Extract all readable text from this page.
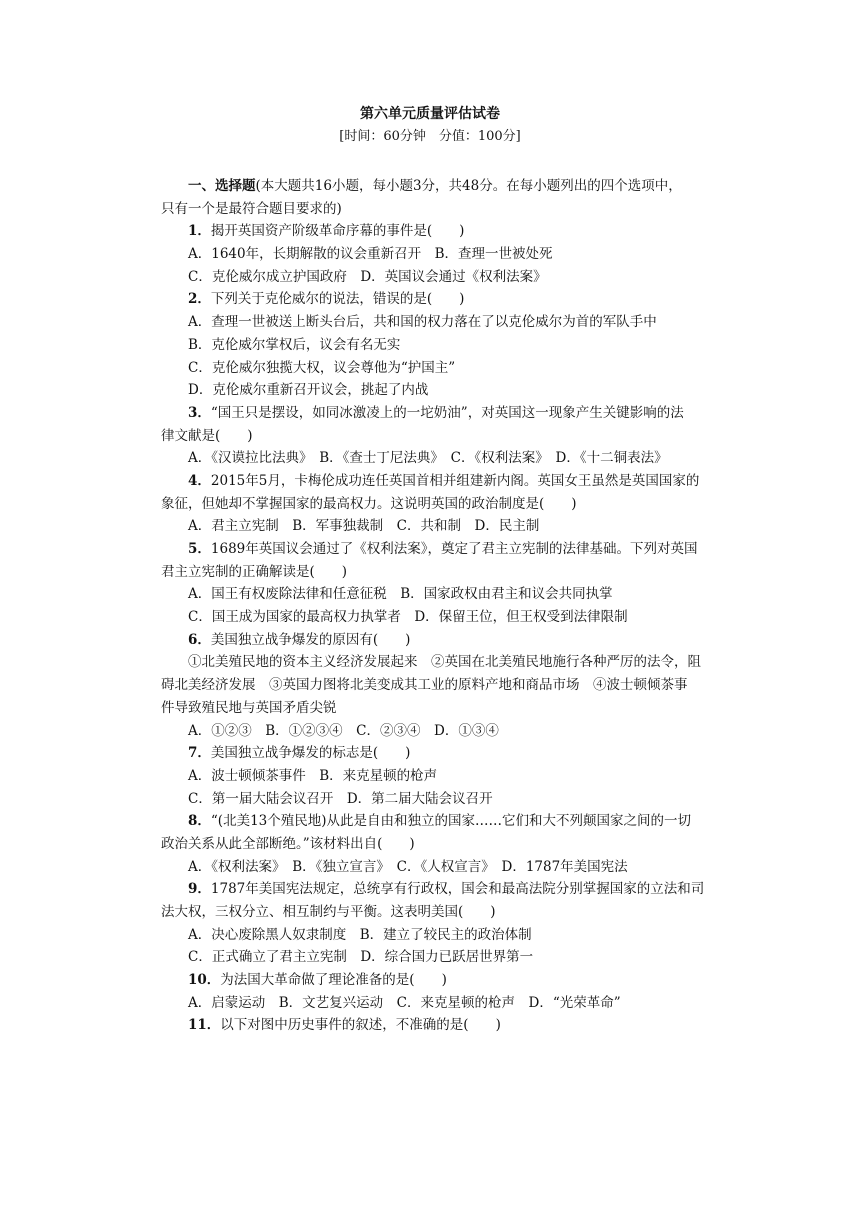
第六单元质量评估试卷
[时间：60分钟　分值：100分]
一、选择题(本大题共16小题，每小题3分，共48分。在每小题列出的四个选项中，
只有一个是最符合题目要求的)
1．揭开英国资产阶级革命序幕的事件是(　　)
A．1640年，长期解散的议会重新召开　B．查理一世被处死
C．克伦威尔成立护国政府　D．英国议会通过《权利法案》
2．下列关于克伦威尔的说法，错误的是(　　)
A．查理一世被送上断头台后，共和国的权力落在了以克伦威尔为首的军队手中
B．克伦威尔掌权后，议会有名无实
C．克伦威尔独揽大权，议会尊他为“护国主”
D．克伦威尔重新召开议会，挑起了内战
3．“国王只是摆设，如同冰激凌上的一坨奶油”，对英国这一现象产生关键影响的法
律文献是(　　)
A．《汉谟拉比法典》　B．《查士丁尼法典》　C．《权利法案》　D．《十二铜表法》
4．2015年5月，卡梅伦成功连任英国首相并组建新内阁。英国女王虽然是英国国家的
象征，但她却不掌握国家的最高权力。这说明英国的政治制度是(　　)
A．君主立宪制　B．军事独裁制　C．共和制　D．民主制
5．1689年英国议会通过了《权利法案》，奠定了君主立宪制的法律基础。下列对英国
君主立宪制的正确解读是(　　)
A．国王有权废除法律和任意征税　B．国家政权由君主和议会共同执掌
C．国王成为国家的最高权力执掌者　D．保留王位，但王权受到法律限制
6．美国独立战争爆发的原因有(　　)
①北美殖民地的资本主义经济发展起来　②英国在北美殖民地施行各种严厉的法令，阻
碍北美经济发展　③英国力图将北美变成其工业的原料产地和商品市场　④波士顿倾茶事
件导致殖民地与英国矛盾尖锐
A．①②③　B．①②③④　C．②③④　D．①③④
7．美国独立战争爆发的标志是(　　)
A．波士顿倾茶事件　B．来克星顿的枪声
C．第一届大陆会议召开　D．第二届大陆会议召开
8．“(北美13个殖民地)从此是自由和独立的国家……它们和大不列颠国家之间的一切
政治关系从此全部断绝。”该材料出自(　　)
A．《权利法案》　B．《独立宣言》　C．《人权宣言》　D．1787年美国宪法
9．1787年美国宪法规定，总统享有行政权，国会和最高法院分别掌握国家的立法和司
法大权，三权分立、相互制约与平衡。这表明美国(　　)
A．决心废除黑人奴隶制度　B．建立了较民主的政治体制
C．正式确立了君主立宪制　D．综合国力已跃居世界第一
10．为法国大革命做了理论准备的是(　　)
A．启蒙运动　B．文艺复兴运动　C．来克星顿的枪声　D．“光荣革命”
11．以下对图中历史事件的叙述，不准确的是(　　)
